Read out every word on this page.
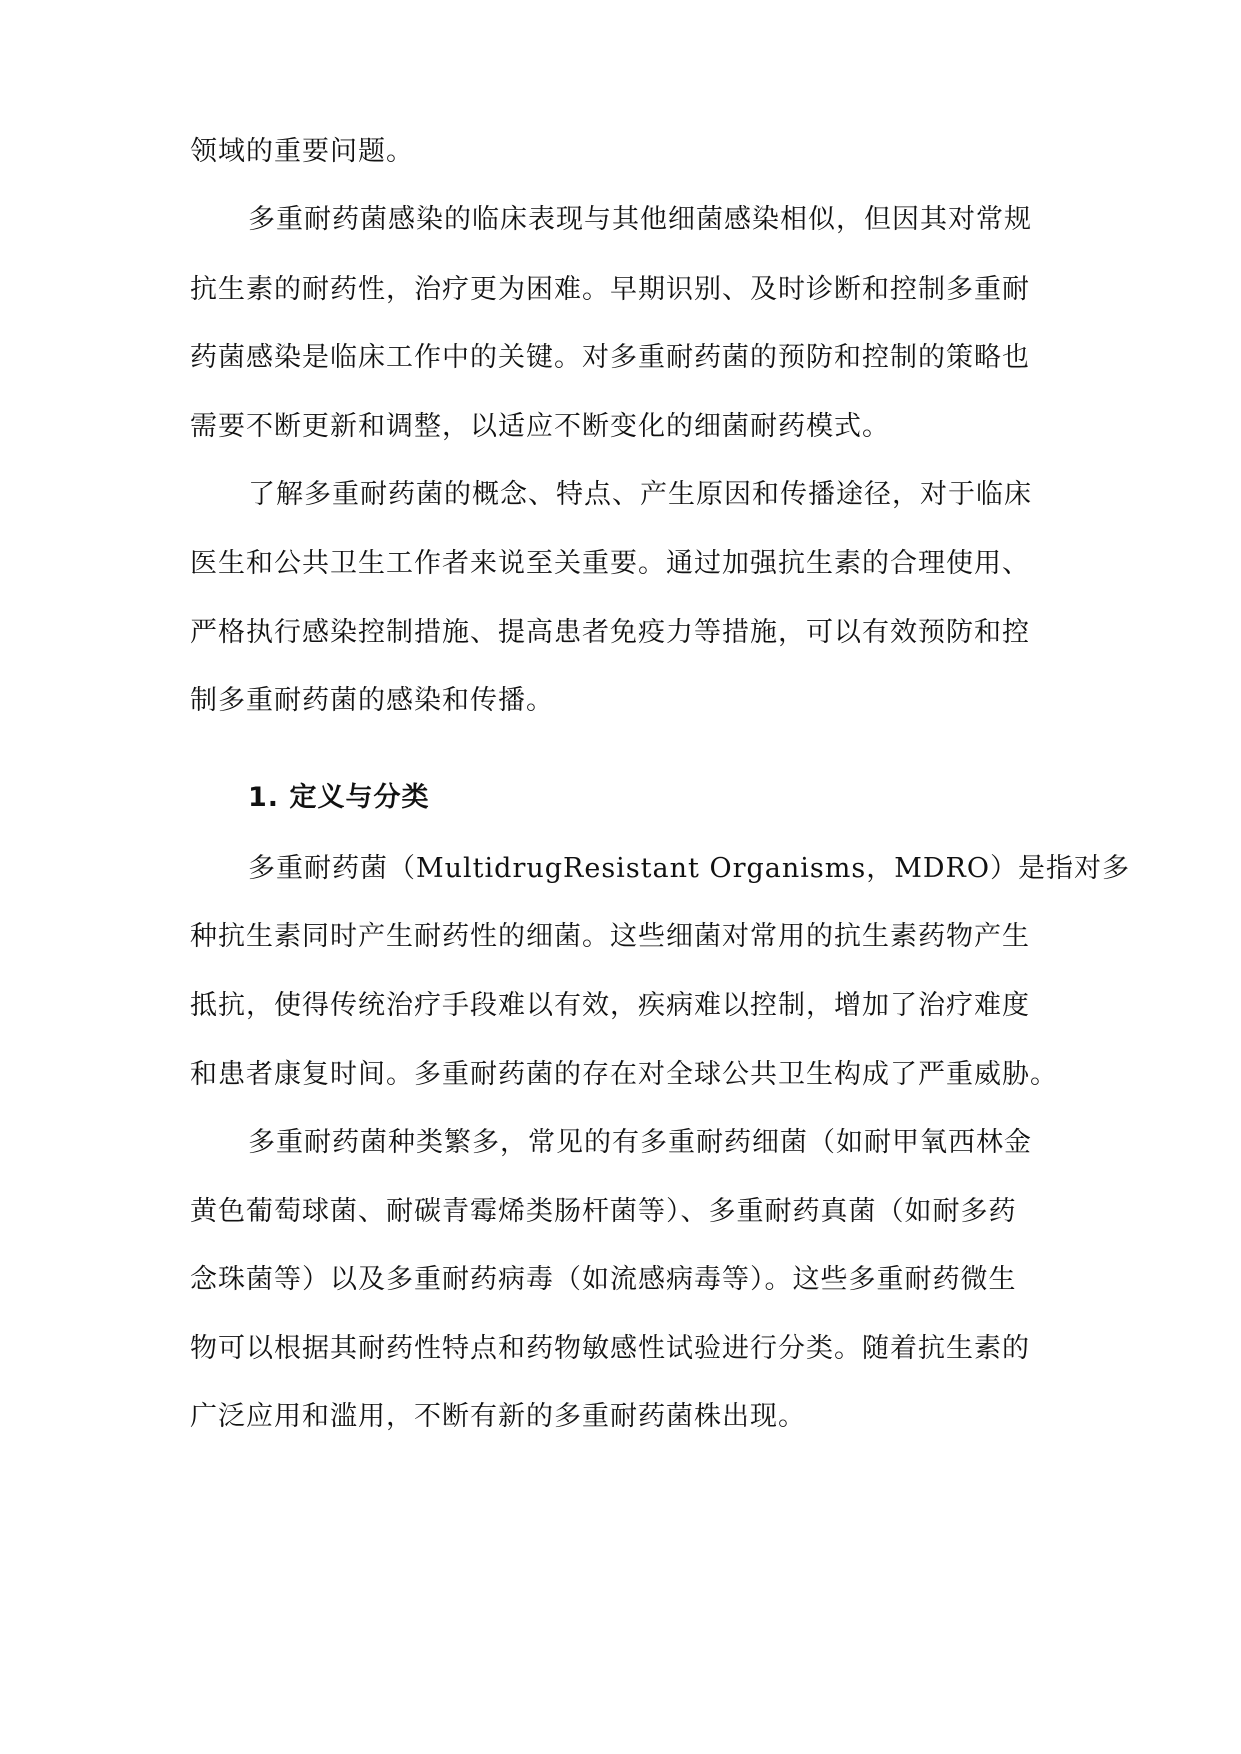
领域的重要问题。
多重耐药菌感染的临床表现与其他细菌感染相似，但因其对常规
抗生素的耐药性，治疗更为困难。早期识别、及时诊断和控制多重耐
药菌感染是临床工作中的关键。对多重耐药菌的预防和控制的策略也
需要不断更新和调整，以适应不断变化的细菌耐药模式。
了解多重耐药菌的概念、特点、产生原因和传播途径，对于临床
医生和公共卫生工作者来说至关重要。通过加强抗生素的合理使用、
严格执行感染控制措施、提高患者免疫力等措施，可以有效预防和控
制多重耐药菌的感染和传播。
1. 定义与分类
多重耐药菌（MultidrugResistant Organisms，MDRO）是指对多
种抗生素同时产生耐药性的细菌。这些细菌对常用的抗生素药物产生
抵抗，使得传统治疗手段难以有效，疾病难以控制，增加了治疗难度
和患者康复时间。多重耐药菌的存在对全球公共卫生构成了严重威胁。
多重耐药菌种类繁多，常见的有多重耐药细菌（如耐甲氧西林金
黄色葡萄球菌、耐碳青霉烯类肠杆菌等）、多重耐药真菌（如耐多药
念珠菌等）以及多重耐药病毒（如流感病毒等）。这些多重耐药微生
物可以根据其耐药性特点和药物敏感性试验进行分类。随着抗生素的
广泛应用和滥用，不断有新的多重耐药菌株出现。
